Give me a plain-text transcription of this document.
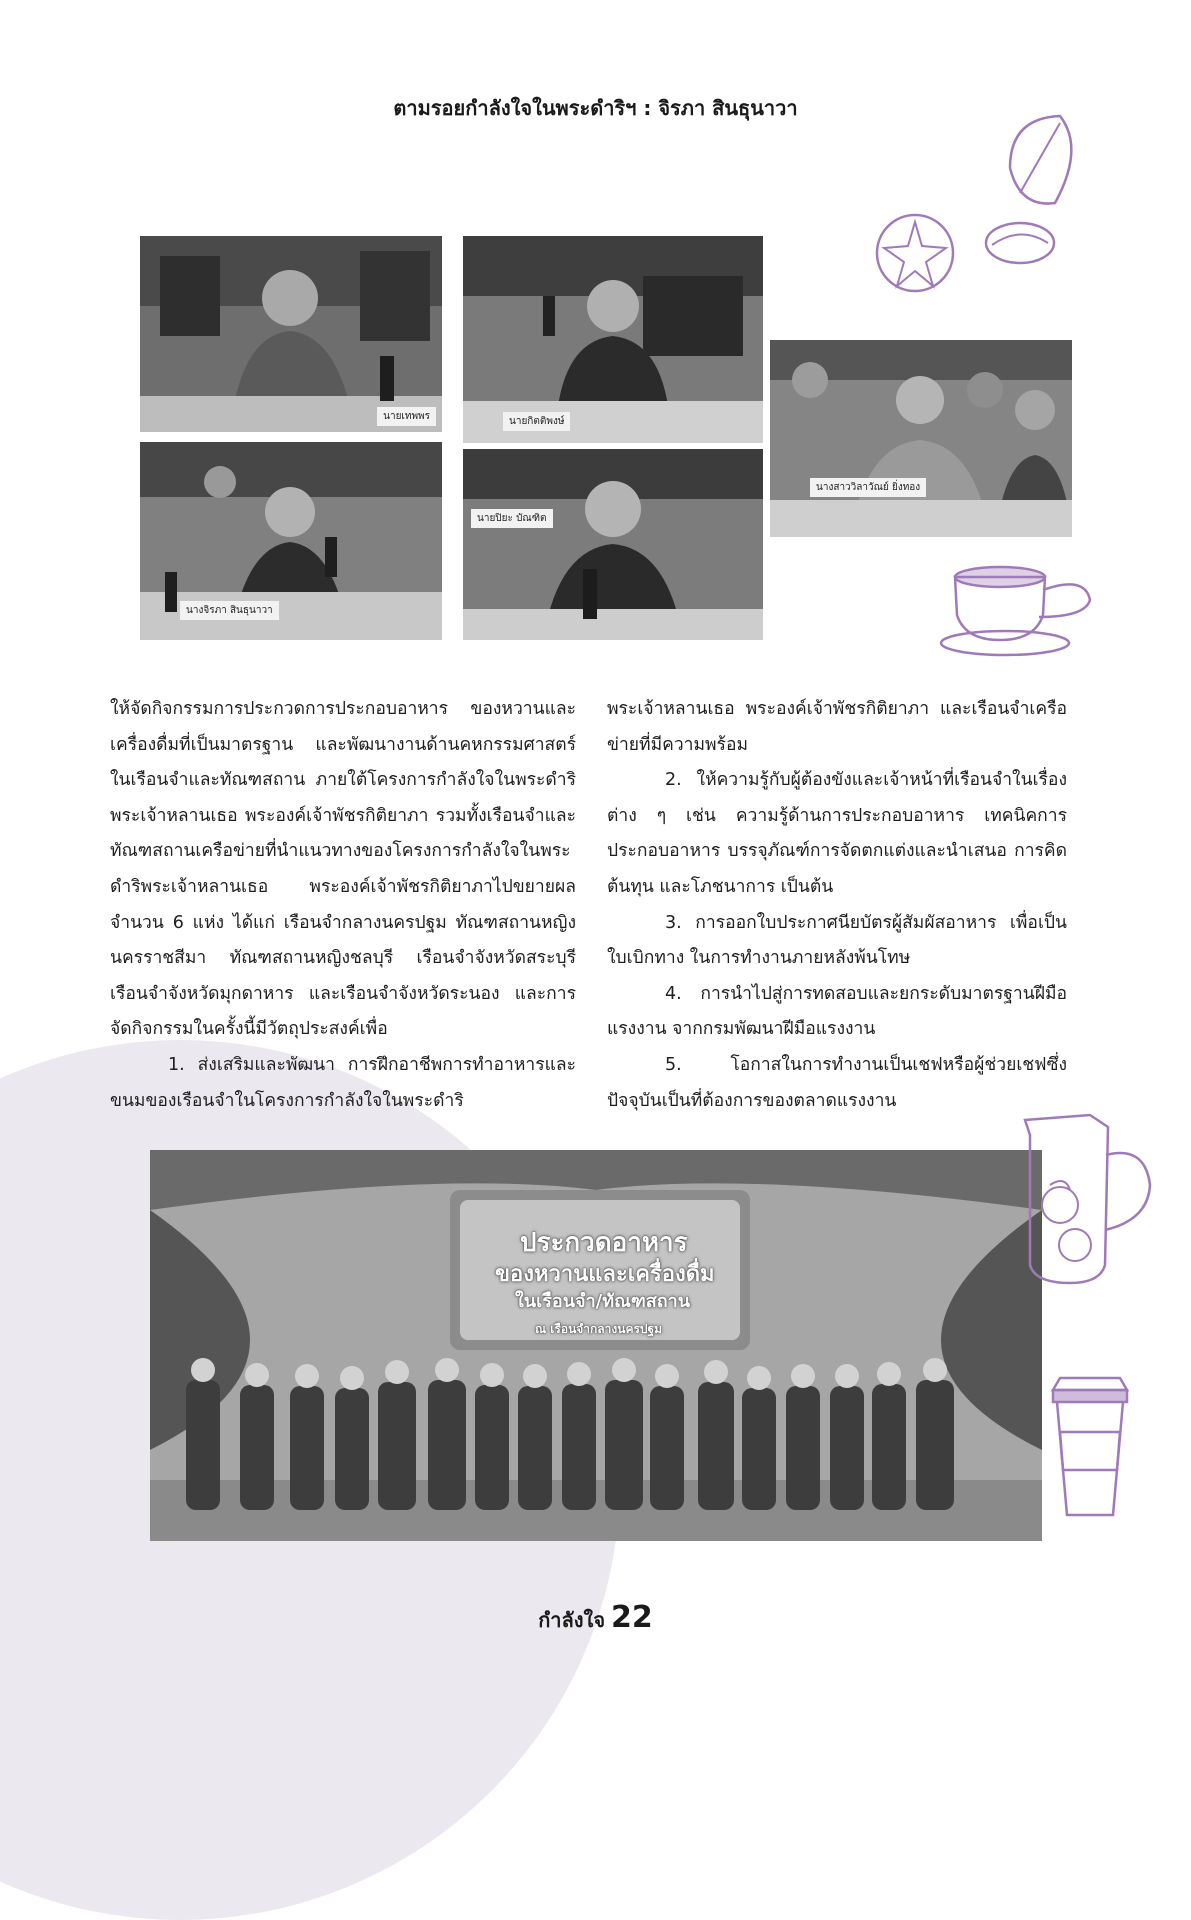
ตามรอยกำลังใจในพระดำริฯ : จิรภา สินธุนาวา
นายเทพพร	นายกิตติพงษ์
นางสาววิลาวัณย์ ยิ่งทอง
นางจิรภา สินธุนาวา
นายปิยะ บัณฑิต

ให้จัดกิจกรรมการประกวดการประกอบอาหาร ของหวานและเครื่องดื่มที่เป็นมาตรฐาน และพัฒนางานด้านคหกรรมศาสตร์ในเรือนจำและทัณฑสถาน ภายใต้โครงการกำลังใจในพระดำริพระเจ้าหลานเธอ พระองค์เจ้าพัชรกิติยาภา รวมทั้งเรือนจำและทัณฑสถานเครือข่ายที่นำแนวทางของโครงการกำลังใจในพระดำริพระเจ้าหลานเธอ พระองค์เจ้าพัชรกิติยาภาไปขยายผล จำนวน 6 แห่ง ได้แก่ เรือนจำกลางนครปฐม ทัณฑสถานหญิงนครราชสีมา ทัณฑสถานหญิงชลบุรี เรือนจำจังหวัดสระบุรี เรือนจำจังหวัดมุกดาหาร และเรือนจำจังหวัดระนอง และการจัดกิจกรรมในครั้งนี้มีวัตถุประสงค์เพื่อ

1. ส่งเสริมและพัฒนา การฝึกอาชีพการทำอาหารและขนมของเรือนจำในโครงการกำลังใจในพระดำริ

พระเจ้าหลานเธอ พระองค์เจ้าพัชรกิติยาภา และเรือนจำเครือข่ายที่มีความพร้อม

2. ให้ความรู้กับผู้ต้องขังและเจ้าหน้าที่เรือนจำในเรื่องต่าง ๆ เช่น ความรู้ด้านการประกอบอาหาร เทคนิคการประกอบอาหาร บรรจุภัณฑ์การจัดตกแต่งและนำเสนอ การคิดต้นทุน และโภชนาการ เป็นต้น

3. การออกใบประกาศนียบัตรผู้สัมผัสอาหาร เพื่อเป็นใบเบิกทาง ในการทำงานภายหลังพ้นโทษ

4. การนำไปสู่การทดสอบและยกระดับมาตรฐานฝีมือแรงงาน จากกรมพัฒนาฝีมือแรงงาน

5. โอกาสในการทำงานเป็นเชฟหรือผู้ช่วยเชฟซึ่งปัจจุบันเป็นที่ต้องการของตลาดแรงงาน

ประกวดอาหาร
ของหวานและเครื่องดื่ม
ในเรือนจำ/ทัณฑสถาน
ณ เรือนจำกลางนครปฐม
กำลังใจ 22
